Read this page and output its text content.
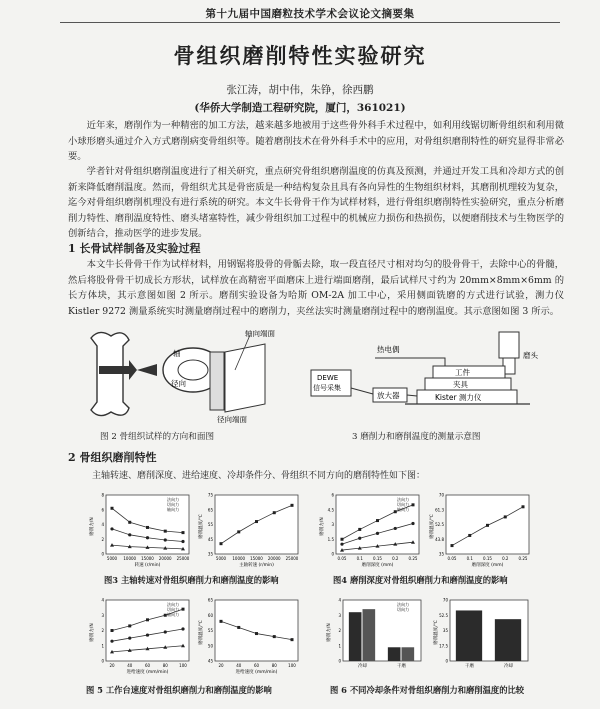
第十九届中国磨粒技术学术会议论文摘要集
骨组织磨削特性实验研究
张江涛，胡中伟，朱铮，徐西鹏
(华侨大学制造工程研究院，厦门，361021)

近年来，磨削作为一种精密的加工方法，越来越多地被用于这些骨外科手术过程中，如利用线锯切断骨组织和利用微小球形磨头通过介入方式磨削病变骨组织等。随着磨削技术在骨外科手术中的应用，对骨组织磨削特性的研究显得非常必要。

学者针对骨组织磨削温度进行了相关研究，重点研究骨组织磨削温度的仿真及预测，并通过开发工具和冷却方式的创新来降低磨削温度。然而，骨组织尤其是骨密质是一种结构复杂且具有各向异性的生物组织材料，其磨削机理较为复杂，迄今对骨组织磨削机理没有进行系统的研究。本文牛长骨骨干作为试样材料，进行骨组织磨削特性实验研究，重点分析磨削力特性、磨削温度特性、磨头堵塞特性，减少骨组织加工过程中的机械应力损伤和热损伤，以便磨削技术与生物医学的创新结合，推动医学的进步发展。

1 长骨试样制备及实验过程

本文牛长骨骨干作为试样材料，用钢锯将股骨的骨骺去除，取一段直径尺寸相对均匀的股骨骨干，去除中心的骨髓，然后将股骨骨干切成长方形状，试样放在高精密平面磨床上进行端面磨削，最后试样尺寸约为 20mm×8mm×6mm 的长方体块，其示意图如图 2 所示。磨削实验设备为哈斯 OM-2A 加工中心，采用侧面铣磨的方式进行试验，测力仪 Kistler 9272 测量系统实时测量磨削过程中的磨削力，夹丝法实时测量磨削过程中的磨削温度。其示意图如图 3 所示。

轴向端面
轴
径向
径向端面
图 2 骨组织试样的方向和面图
磨头
工件
夹具
Kister 测力仪
放大器
DEWE
信号采集
热电偶
3 磨削力和磨削温度的测量示意图
2 骨组织磨削特性
主轴转速、磨削深度、进给速度、冷却条件分、骨组织不同方向的磨削特性如下图：
磨削力/N
转速 (r/min)
0
2
4
6
8
5000 10000 15000 20000 25000
法向力
切向力
轴向力
磨削温度/℃
主轴转速 (r/min)
35
45
55
65
75
5000 10000 15000 20000 25000
磨削力/N
磨削深度 (mm)
0
1.5
3
4.5
6
0.05	0.1	0.15	0.2	0.25
法向力
切向力
轴向力
磨削温度/℃
磨削深度 (mm)
35
43.8
52.5
61.3
70
0.05	0.1	0.15	0.2	0.25
图3 主轴转速对骨组织磨削力和磨削温度的影响	图4 磨削深度对骨组织磨削力和磨削温度的影响
磨削力/N
进给速度 (mm/min)
0
1
2
3
4
20	40	60	80	100
法向力
切向力
轴向力
磨削温度/℃
进给速度 (mm/min)
45
50
55
60
65
20	40	60	80	100
磨削力/N
0
1
2
3
4
冷却	干磨
法向力
切向力
磨削温度/℃
0
17.5
35
52.5
70
干磨	冷却
图 5 工作台速度对骨组织磨削力和磨削温度的影响	图 6 不同冷却条件对骨组织磨削力和磨削温度的比较
